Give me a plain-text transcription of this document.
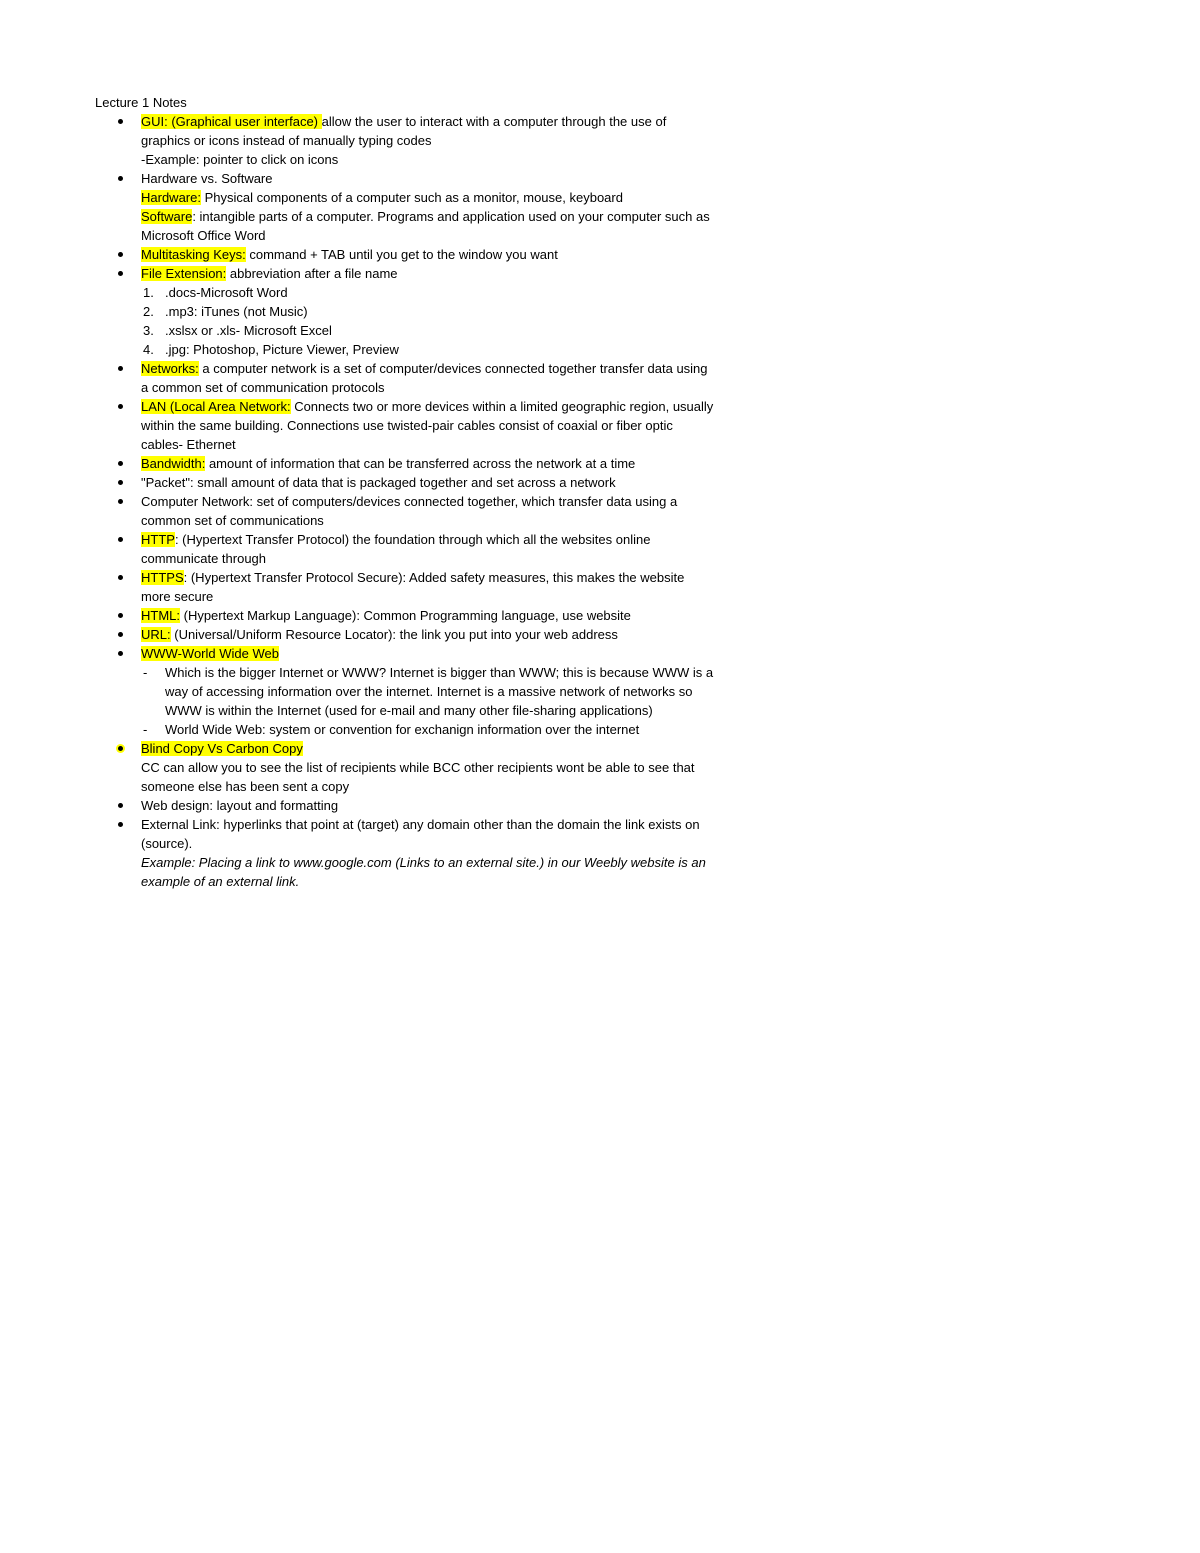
Lecture 1 Notes
GUI: (Graphical user interface) allow the user to interact with a computer through the use of graphics or icons instead of manually typing codes
-Example: pointer to click on icons
Hardware vs. Software
Hardware: Physical components of a computer such as a monitor, mouse, keyboard
Software: intangible parts of a computer. Programs and application used on your computer such as Microsoft Office Word
Multitasking Keys: command + TAB until you get to the window you want
File Extension: abbreviation after a file name
1. .docs-Microsoft Word
2. .mp3: iTunes (not Music)
3. .xslsx or .xls- Microsoft Excel
4. .jpg: Photoshop, Picture Viewer, Preview
Networks: a computer network is a set of computer/devices connected together transfer data using a common set of communication protocols
LAN (Local Area Network: Connects two or more devices within a limited geographic region, usually within the same building. Connections use twisted-pair cables consist of coaxial or fiber optic cables- Ethernet
Bandwidth: amount of information that can be transferred across the network at a time
"Packet": small amount of data that is packaged together and set across a network
Computer Network: set of computers/devices connected together, which transfer data using a common set of communications
HTTP: (Hypertext Transfer Protocol) the foundation through which all the websites online communicate through
HTTPS: (Hypertext Transfer Protocol Secure): Added safety measures, this makes the website more secure
HTML: (Hypertext Markup Language): Common Programming language, use website
URL: (Universal/Uniform Resource Locator): the link you put into your web address
WWW-World Wide Web
- Which is the bigger Internet or WWW? Internet is bigger than WWW; this is because WWW is a way of accessing information over the internet. Internet is a massive network of networks so WWW is within the Internet (used for e-mail and many other file-sharing applications)
- World Wide Web: system or convention for exchanign information over the internet
Blind Copy Vs Carbon Copy
CC can allow you to see the list of recipients while BCC other recipients wont be able to see that someone else has been sent a copy
Web design: layout and formatting
External Link: hyperlinks that point at (target) any domain other than the domain the link exists on (source).
Example: Placing a link to www.google.com (Links to an external site.) in our Weebly website is an example of an external link.
